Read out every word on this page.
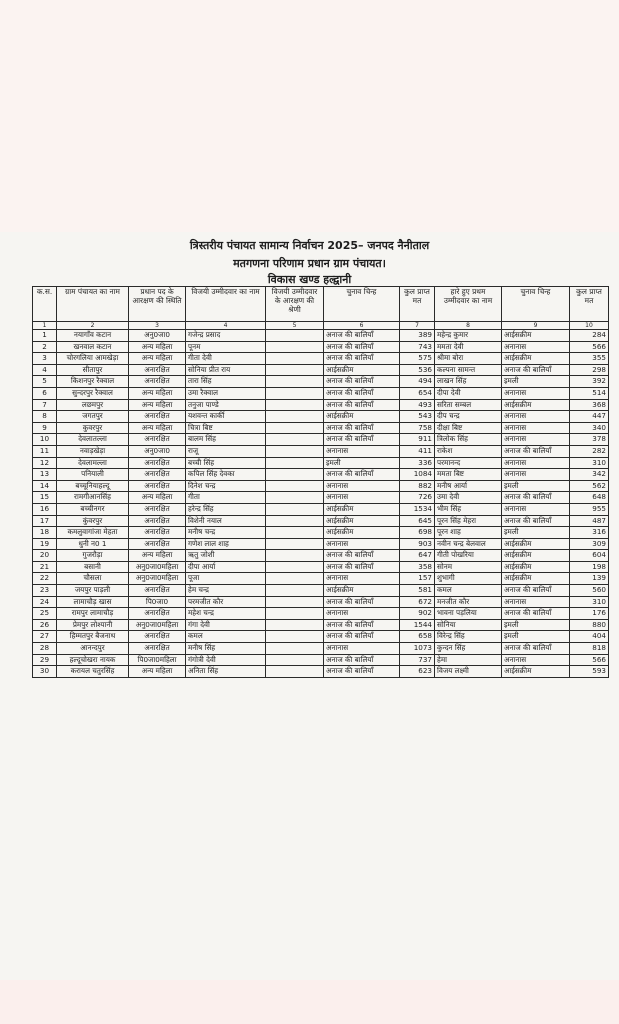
त्रिस्तरीय पंचायत सामान्य निर्वाचन 2025– जनपद नैनीताल
मतगणना परिणाम प्रधान ग्राम पंचायत।
विकास खण्ड हल्द्वानी
क.स.	ग्राम पंचायत का नाम	प्रधान पद के आरक्षण की स्थिति	विजयी उम्मीदवार का नाम	विजयी उम्मीदवार के आरक्षण की श्रेणी	चुनाव चिन्ह	कुल प्राप्त मत	हारे हुए प्रथम उम्मीदवार का नाम	चुनाव चिन्ह	कुल प्राप्त मत
1	2	3	4	5	6	7	8	9	10
1	नयागाँव कटान	अनु0जा0	गजेन्द्र प्रसाद		अनाज की बालियाँ	389	महेन्द्र कुमार	आईसक्रीम	284
2	खनवाल कटान	अन्य महिला	पूनम		अनाज की बालियाँ	743	ममता देवी	अनानास	566
3	चोरगलिया आमखेड़ा	अन्य महिला	गीता देवी		अनाज की बालियाँ	575	श्रीमा बोरा	आईसक्रीम	355
4	सीतापुर	अनारक्षित	सोनिया प्रीत राय		आईसक्रीम	536	कल्पना सामन्त	अनाज की बालियाँ	298
5	किशनपुर रैक्वाल	अनारक्षित	तारा सिंह		अनाज की बालियाँ	494	लाखन सिंह	इमली	392
6	सुन्दरपुर रैक्वाल	अन्य महिला	उमा रैक्वाल		अनाज की बालियाँ	654	दीपा देवी	अनानास	514
7	लछमपुर	अन्य महिला	तनुजा पाण्डे		अनाज की बालियाँ	493	सरिता सम्बल	आईसक्रीम	368
8	जगतपुर	अनारक्षित	यशवन्त कार्की		आईसक्रीम	543	दीप चन्द्र	अनानास	447
9	कुवरपुर	अन्य महिला	चित्रा बिष्ट		अनाज की बालियाँ	758	दीक्षा बिष्ट	अनानास	340
10	देवलातल्ला	अनारक्षित	बालम सिंह		अनाज की बालियाँ	911	त्रिलोक सिंह	अनानास	378
11	नवाड़खेड़ा	अनु0जा0	राजू		अनानास	411	राकेश	अनाज की बालियाँ	282
12	देवलामल्ला	अनारक्षित	बच्ची सिंह		इमली	336	परमानन्द	अनानास	310
13	पनियाली	अनारक्षित	कपिल सिंह देवका		अनाज की बालियाँ	1084	ममता बिष्ट	अनानास	342
14	बच्चूनियाहल्दू	अनारक्षित	दिनेश चन्द्र		अनानास	882	मनीष आर्या	इमली	562
15	रामगीआनसिंह	अन्य महिला	गीता		अनानास	726	उमा देवी	अनाज की बालियाँ	648
16	बच्चीनगर	अनारक्षित	हरेन्द्र सिंह		आईसक्रीम	1534	भीम सिंह	अनानास	955
17	कुंवरपुर	अनारक्षित	विशेनी नयाल		आईसक्रीम	645	पूरन सिंह मेहरा	अनाज की बालियाँ	487
18	कमलुवागांजा मेहता	अनारक्षित	मनीष चन्द्र		आईसक्रीम	698	पूरन शाह	इमली	316
19	धुनी न0 1	अनारक्षित	गणेश लाल शाह		अनानास	903	नवीन चन्द्र बेलवाल	आईसक्रीम	309
20	गुजरौड़ा	अन्य महिला	ऋतु जोशी		अनाज की बालियाँ	647	गीती पोखरिया	आईसक्रीम	604
21	बसानी	अनु0जा0महिला	दीपा आर्या		अनाज की बालियाँ	358	सोनम	आईसक्रीम	198
22	चौसला	अनु0जा0महिला	पूजा		अनानास	157	शुभागी	आईसक्रीम	139
23	जयपुर पाड़ली	अनारक्षित	हेम चन्द्र		आईसक्रीम	581	कमल	अनाज की बालियाँ	560
24	लामाचौड़ खास	पि0जा0	परमजीत कौर		अनाज की बालियाँ	672	मनजीत कौर	अनानास	310
25	रामपुर लामाचौड़	अनारक्षित	महेश चन्द्र		अनानास	902	भावना पड़लिया	अनाज की बालियाँ	176
26	प्रेमपुर लोश्यानी	अनु0जा0महिला	गंगा देवी		अनाज की बालियाँ	1544	सोनिया	इमली	880
27	हिम्मतपुर बैजनाथ	अनारक्षित	कमल		अनाज की बालियाँ	658	विरेन्द्र सिंह	इमली	404
28	आनन्दपुर	अनारक्षित	मनीष सिंह		अनानास	1073	कुन्दन सिंह	अनाज की बालियाँ	818
29	हल्दूचोखरा नायक	पि0जा0महिला	गंगोत्री देवी		अनाज की बालियाँ	737	हेमा	अनानास	566
30	करायल चतुरसिंह	अन्य महिला	अनिता सिंह		अनाज की बालियाँ	623	विजय लक्ष्मी	आईसक्रीम	593
